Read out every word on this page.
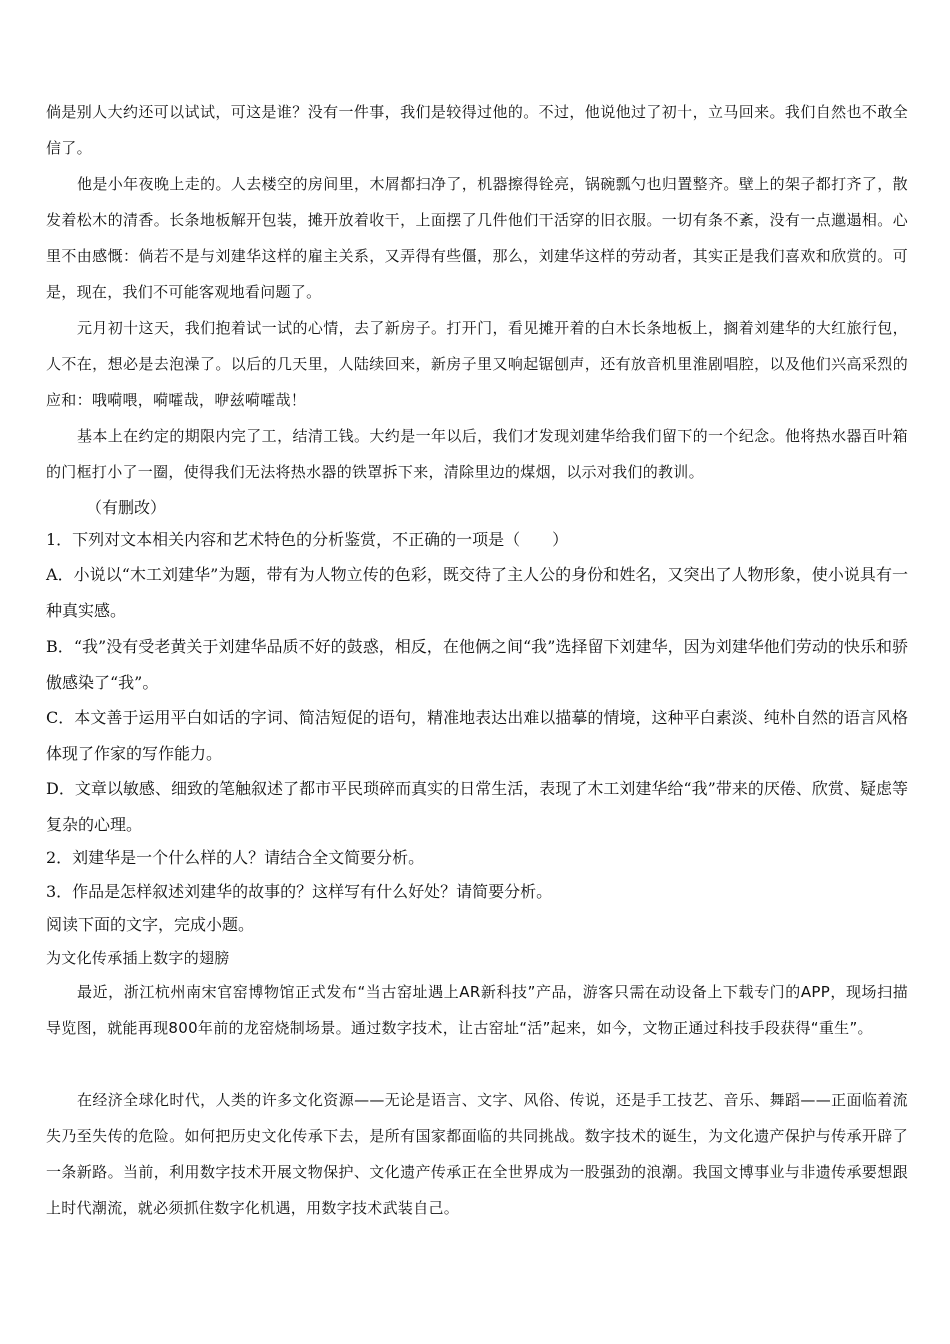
倘是别人大约还可以试试，可这是谁？没有一件事，我们是较得过他的。不过，他说他过了初十，立马回来。我们自然也不敢全信了。

他是小年夜晚上走的。人去楼空的房间里，木屑都扫净了，机器擦得铨亮，锅碗瓢勺也归置整齐。壁上的架子都打齐了，散发着松木的清香。长条地板解开包装，摊开放着收干，上面摆了几件他们干活穿的旧衣服。一切有条不紊，没有一点邋遢相。心里不由感慨：倘若不是与刘建华这样的雇主关系，又弄得有些僵，那么，刘建华这样的劳动者，其实正是我们喜欢和欣赏的。可是，现在，我们不可能客观地看问题了。

元月初十这天，我们抱着试一试的心情，去了新房子。打开门，看见摊开着的白木长条地板上，搁着刘建华的大红旅行包，人不在，想必是去泡澡了。以后的几天里，人陆续回来，新房子里又响起锯刨声，还有放音机里淮剧唱腔，以及他们兴高采烈的应和：哦嗬喂，嗬嚯哉，咿兹嗬嚯哉！

基本上在约定的期限内完了工，结清工钱。大约是一年以后，我们才发现刘建华给我们留下的一个纪念。他将热水器百叶箱的门框打小了一圈，使得我们无法将热水器的铁罩拆下来，清除里边的煤烟，以示对我们的教训。

（有删改）

1．下列对文本相关内容和艺术特色的分析鉴赏，不正确的一项是（　　）

A．小说以“木工刘建华”为题，带有为人物立传的色彩，既交待了主人公的身份和姓名，又突出了人物形象，使小说具有一种真实感。

B．“我”没有受老黄关于刘建华品质不好的鼓惑，相反，在他俩之间“我”选择留下刘建华，因为刘建华他们劳动的快乐和骄傲感染了“我”。

C．本文善于运用平白如话的字词、简洁短促的语句，精准地表达出难以描摹的情境，这种平白素淡、纯朴自然的语言风格体现了作家的写作能力。

D．文章以敏感、细致的笔触叙述了都市平民琐碎而真实的日常生活，表现了木工刘建华给“我”带来的厌倦、欣赏、疑虑等复杂的心理。

2．刘建华是一个什么样的人？请结合全文简要分析。

3．作品是怎样叙述刘建华的故事的？这样写有什么好处？请简要分析。

阅读下面的文字，完成小题。

为文化传承插上数字的翅膀

最近，浙江杭州南宋官窑博物馆正式发布“当古窑址遇上AR新科技”产品，游客只需在动设备上下载专门的APP，现场扫描导览图，就能再现800年前的龙窑烧制场景。通过数字技术，让古窑址“活”起来，如今，文物正通过科技手段获得“重生”。

在经济全球化时代，人类的许多文化资源——无论是语言、文字、风俗、传说，还是手工技艺、音乐、舞蹈——正面临着流失乃至失传的危险。如何把历史文化传承下去，是所有国家都面临的共同挑战。数字技术的诞生，为文化遗产保护与传承开辟了一条新路。当前，利用数字技术开展文物保护、文化遗产传承正在全世界成为一股强劲的浪潮。我国文博事业与非遗传承要想跟上时代潮流，就必须抓住数字化机遇，用数字技术武装自己。
